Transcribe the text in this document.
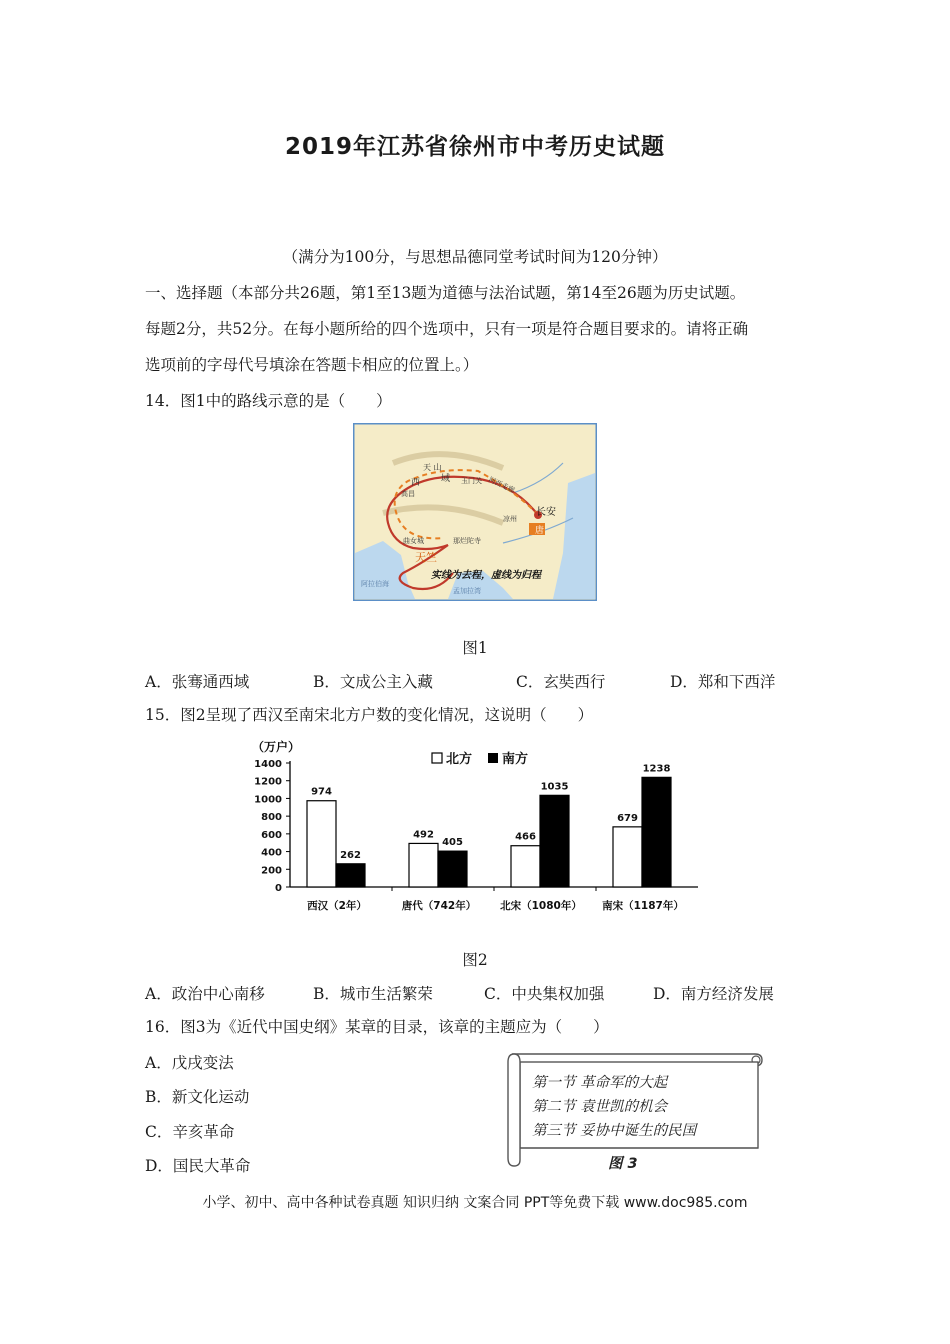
2019年江苏省徐州市中考历史试题
（满分为100分，与思想品德同堂考试时间为120分钟）
一、选择题（本部分共26题，第1至13题为道德与法治试题，第14至26题为历史试题。
每题2分，共52分。在每小题所给的四个选项中，只有一项是符合题目要求的。请将正确
选项前的字母代号填涂在答题卡相应的位置上。）
14．图1中的路线示意的是（　　）
唐
天 山
西 域 玉门关 河西走廊
高昌
凉州
长安
曲女城	那烂陀寺
天竺
阿拉伯海
孟加拉湾
实线为去程，虚线为归程
图1
A．张骞通西域	B．文成公主入藏	C．玄奘西行	D．郑和下西洋
15．图2呈现了西汉至南宋北方户数的变化情况，这说明（　　）
（万户）
北方 南方
1400
1200
1000
800
600
400
200
0
974
262
492
405	466
1035
679
1238
西汉（2年）	唐代（742年） 北宋（1080年） 南宋（1187年）
图2
A．政治中心南移	B．城市生活繁荣	C．中央集权加强	D．南方经济发展
16．图3为《近代中国史纲》某章的目录，该章的主题应为（　　）
A．戊戌变法
B．新文化运动
C．辛亥革命
D．国民大革命
第一节 革命军的大起
第二节 袁世凯的机会
第三节 妥协中诞生的民国
图 3
小学、初中、高中各种试卷真题 知识归纳 文案合同 PPT等免费下载 www.doc985.com
